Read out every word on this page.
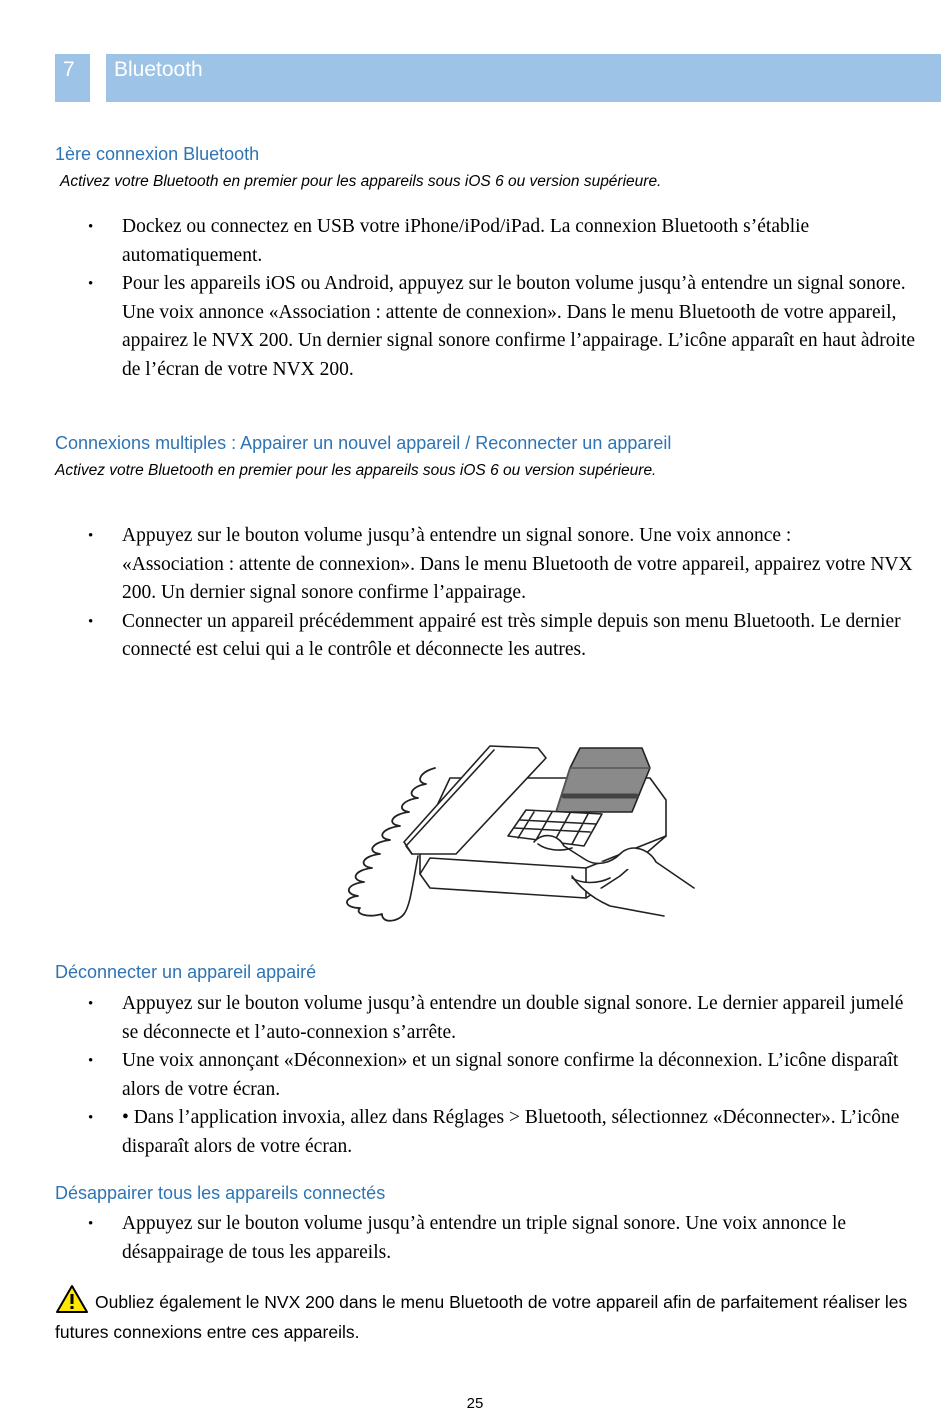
7	Bluetooth
1ère connexion Bluetooth
Activez votre Bluetooth en premier pour les appareils sous iOS 6 ou version supérieure.
• Dockez ou connectez en USB votre iPhone/iPod/iPad. La connexion Bluetooth s’établie automatiquement.
• Pour les appareils iOS ou Android, appuyez sur le bouton volume jusqu’à entendre un signal sonore. Une voix annonce «Association : attente de connexion». Dans le menu Bluetooth de votre appareil, appairez le NVX 200. Un dernier signal sonore confirme l’appairage. L’icône apparaît en haut àdroite de l’écran de votre NVX 200.
Connexions multiples : Appairer un nouvel appareil / Reconnecter un appareil
Activez votre Bluetooth en premier pour les appareils sous iOS 6 ou version supérieure.
• Appuyez sur le bouton volume jusqu’à entendre un signal sonore. Une voix annonce :
«Association : attente de connexion». Dans le menu Bluetooth de votre appareil, appairez votre NVX 200. Un dernier signal sonore confirme l’appairage.
• Connecter un appareil précédemment appairé est très simple depuis son menu Bluetooth. Le dernier connecté est celui qui a le contrôle et déconnecte les autres.
Déconnecter un appareil appairé
• Appuyez sur le bouton volume jusqu’à entendre un double signal sonore. Le dernier appareil jumelé se déconnecte et l’auto-connexion s’arrête.
• Une voix annonçant «Déconnexion» et un signal sonore confirme la déconnexion. L’icône disparaît alors de votre écran.
• • Dans l’application invoxia, allez dans Réglages > Bluetooth, sélectionnez «Déconnecter». L’icône disparaît alors de votre écran.
Désappairer tous les appareils connectés
• Appuyez sur le bouton volume jusqu’à entendre un triple signal sonore. Une voix annonce le désappairage de tous les appareils.
Oubliez également le NVX 200 dans le menu Bluetooth de votre appareil afin de parfaitement réaliser les futures connexions entre ces appareils.
25
